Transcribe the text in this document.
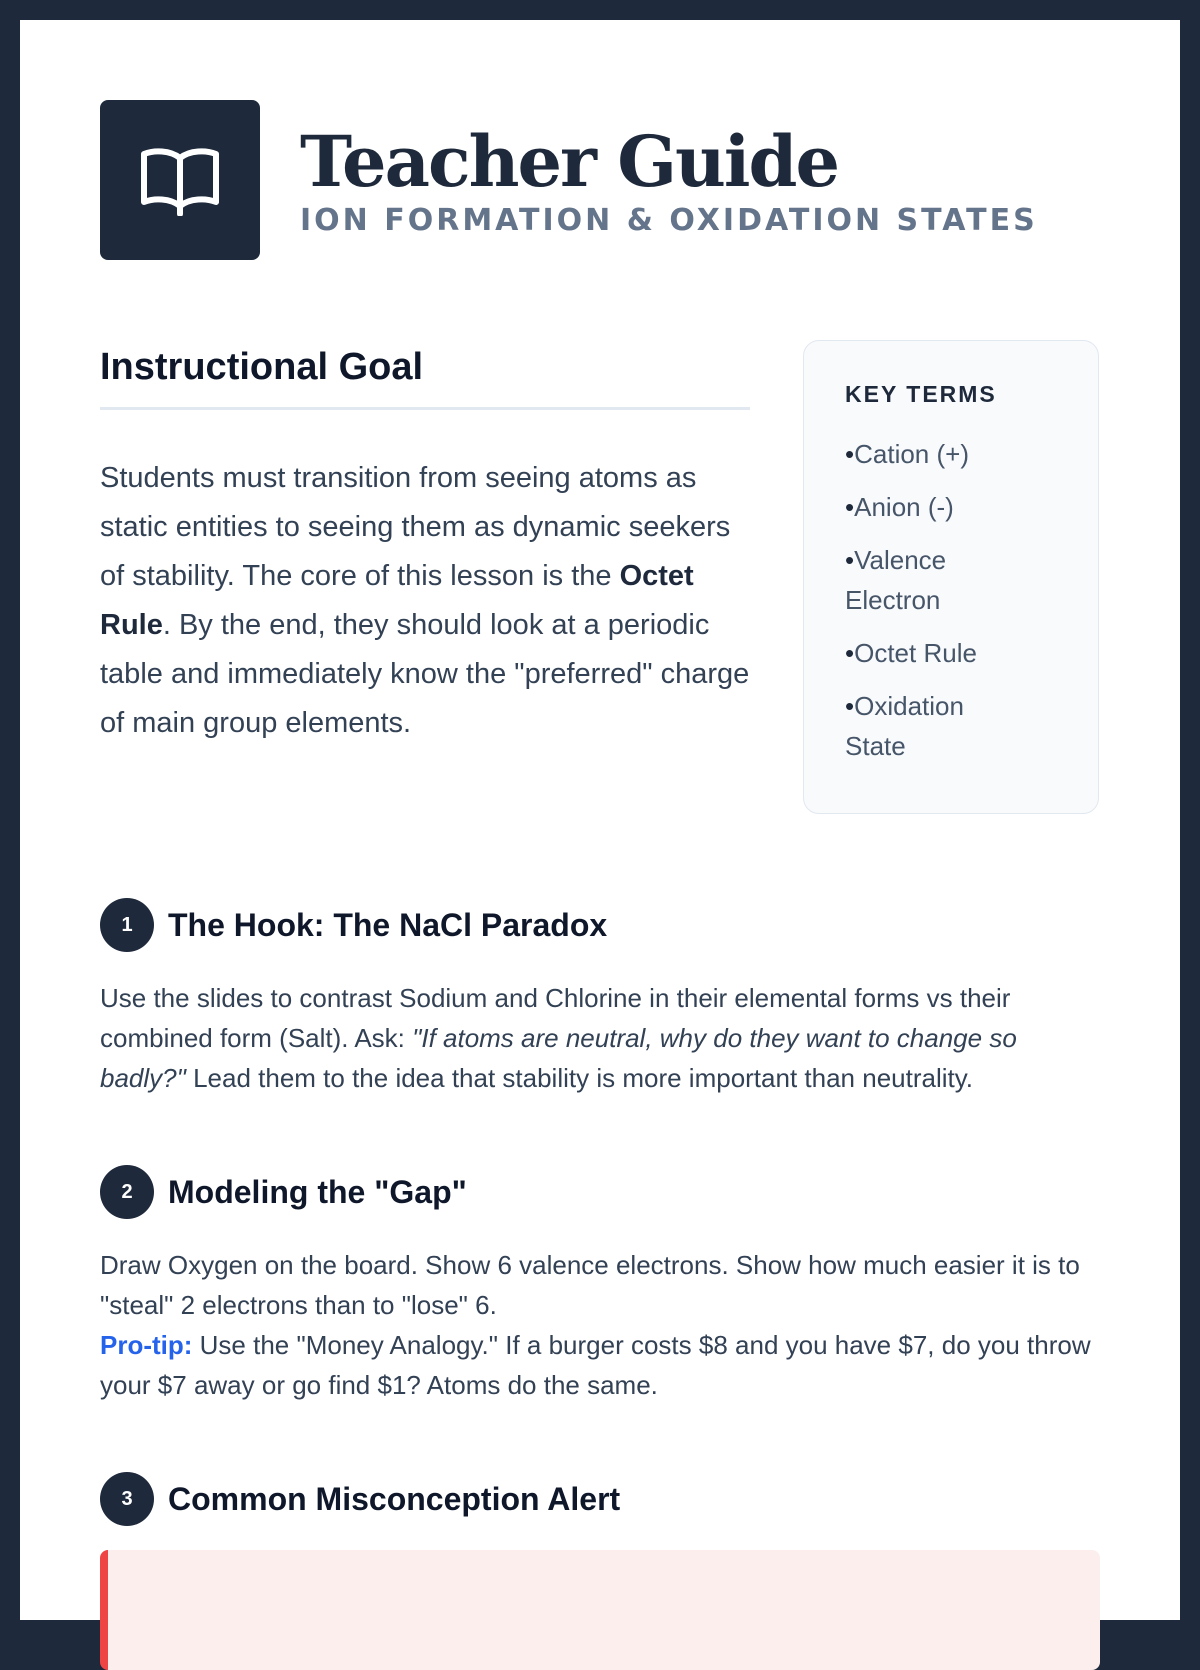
Teacher Guide
ION FORMATION & OXIDATION STATES
Instructional Goal
Students must transition from seeing atoms as static entities to seeing them as dynamic seekers of stability. The core of this lesson is the Octet Rule. By the end, they should look at a periodic table and immediately know the "preferred" charge of main group elements.
KEY TERMS
• Cation (+)
• Anion (-)
• Valence Electron
• Octet Rule
• Oxidation State
1	The Hook: The NaCl Paradox
Use the slides to contrast Sodium and Chlorine in their elemental forms vs their combined form (Salt). Ask: "If atoms are neutral, why do they want to change so badly?" Lead them to the idea that stability is more important than neutrality.
2	Modeling the "Gap"
Draw Oxygen on the board. Show 6 valence electrons. Show how much easier it is to "steal" 2 electrons than to "lose" 6.
Pro-tip: Use the "Money Analogy." If a burger costs $8 and you have $7, do you throw your $7 away or go find $1? Atoms do the same.
3	Common Misconception Alert
